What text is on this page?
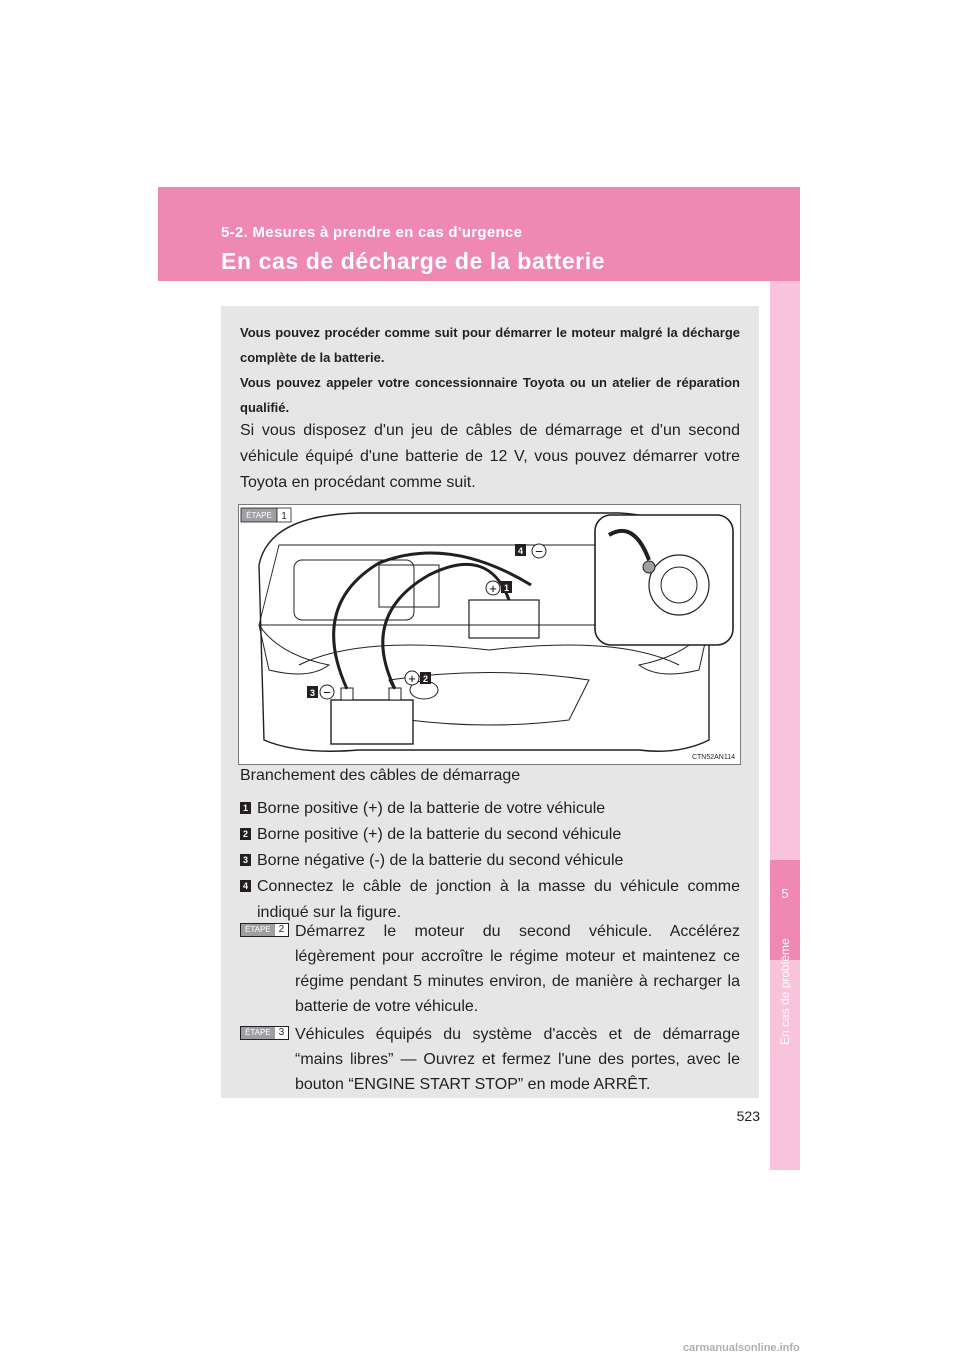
5-2. Mesures à prendre en cas d'urgence
En cas de décharge de la batterie
5
En cas de problème
Vous pouvez procéder comme suit pour démarrer le moteur malgré la décharge complète de la batterie.
Vous pouvez appeler votre concessionnaire Toyota ou un atelier de réparation qualifié.
Si vous disposez d'un jeu de câbles de démarrage et d'un second véhicule équipé d'une batterie de 12 V, vous pouvez démarrer votre Toyota en procédant comme suit.
+
−
+
−
1
2
3
4
ÉTAPE 1
CTN52AN114
Branchement des câbles de démarrage
1 Borne positive (+) de la batterie de votre véhicule
2 Borne positive (+) de la batterie du second véhicule
3 Borne négative (-) de la batterie du second véhicule
4 Connectez le câble de jonction à la masse du véhicule comme indiqué sur la figure.
ÉTAPE 2 Démarrez le moteur du second véhicule. Accélérez légèrement pour accroître le régime moteur et maintenez ce régime pendant 5 minutes environ, de manière à recharger la batterie de votre véhicule.
ÉTAPE 3 Véhicules équipés du système d'accès et de démarrage “mains libres” — Ouvrez et fermez l'une des portes, avec le bouton “ENGINE START STOP” en mode ARRÊT.
523
carmanualsonline.info
